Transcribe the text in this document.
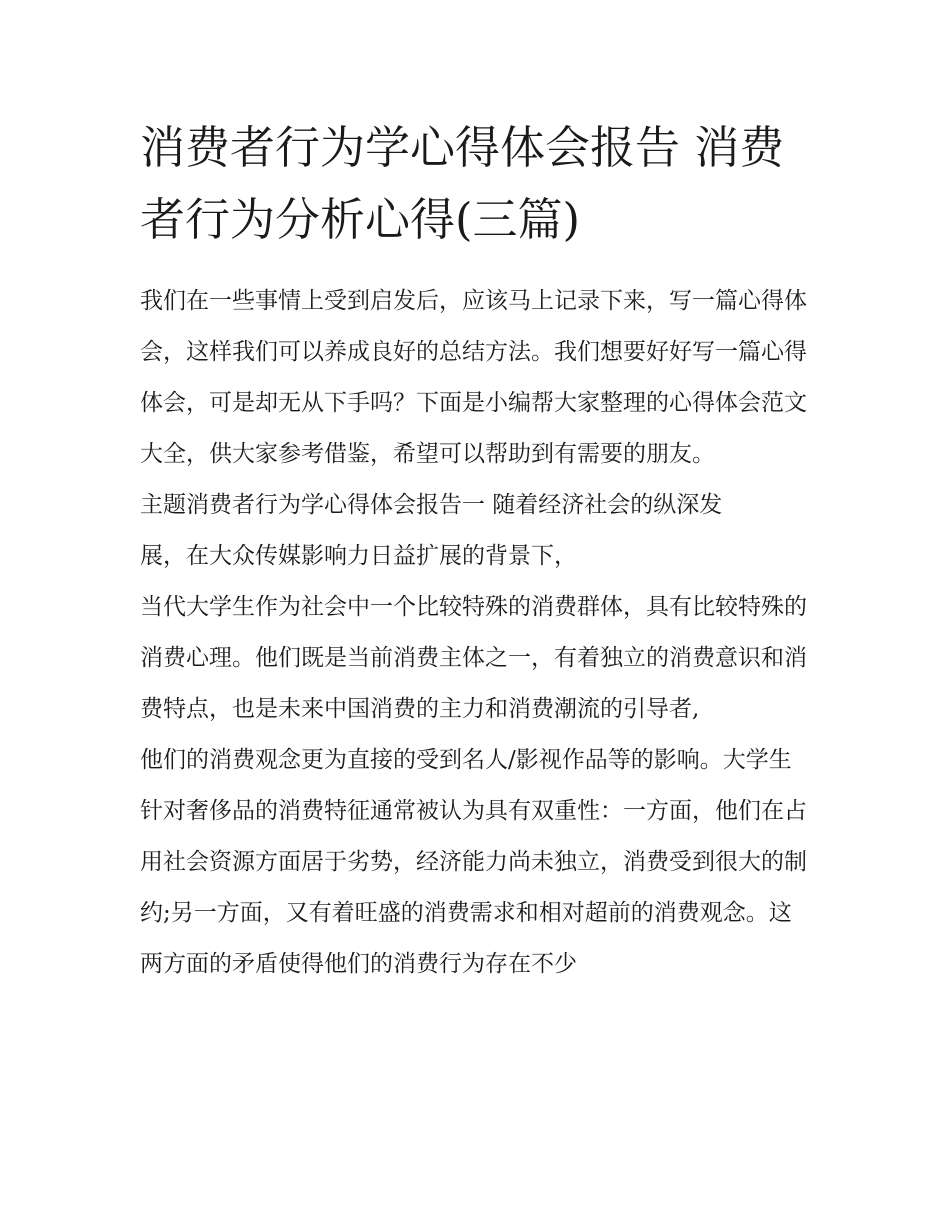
消费者行为学心得体会报告 消费者行为分析心得(三篇)

我们在一些事情上受到启发后，应该马上记录下来，写一篇心得体会，这样我们可以养成良好的总结方法。我们想要好好写一篇心得体会，可是却无从下手吗？下面是小编帮大家整理的心得体会范文大全，供大家参考借鉴，希望可以帮助到有需要的朋友。

主题消费者行为学心得体会报告一 随着经济社会的纵深发

展，在大众传媒影响力日益扩展的背景下，

当代大学生作为社会中一个比较特殊的消费群体，具有比较特殊的消费心理。他们既是当前消费主体之一，有着独立的消费意识和消费特点，也是未来中国消费的主力和消费潮流的引导者,

他们的消费观念更为直接的受到名人/影视作品等的影响。大学生针对奢侈品的消费特征通常被认为具有双重性：一方面，他们在占用社会资源方面居于劣势，经济能力尚未独立，消费受到很大的制约;另一方面，又有着旺盛的消费需求和相对超前的消费观念。这两方面的矛盾使得他们的消费行为存在不少
